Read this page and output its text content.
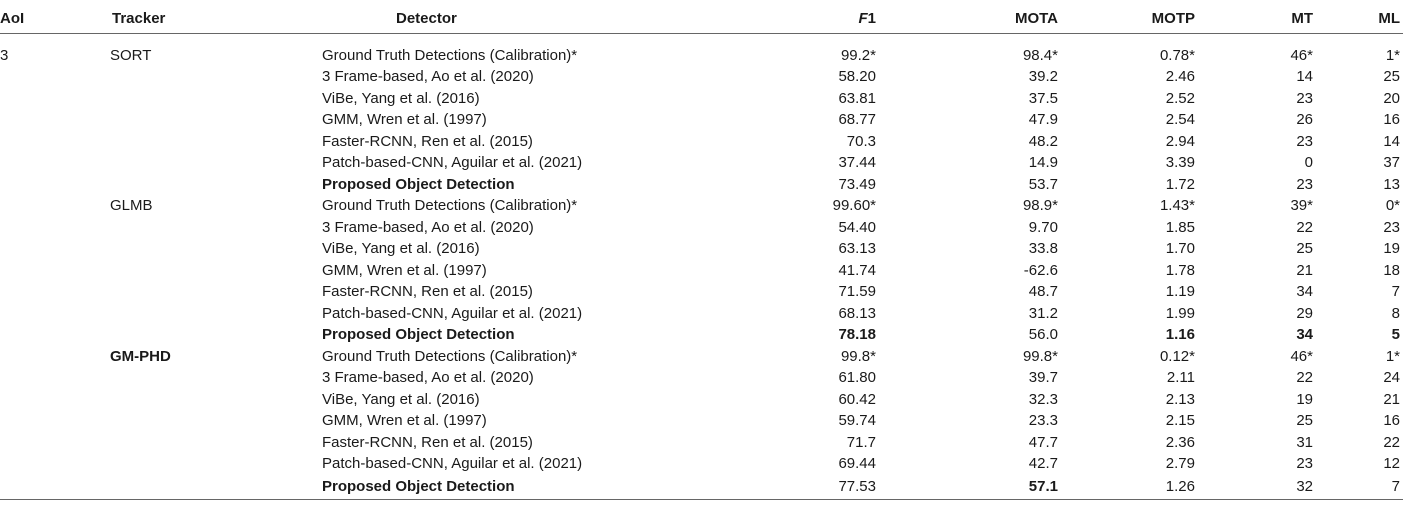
AoI	Tracker	Detector	F1	MOTA	MOTP	MT	ML
3	SORT	Ground Truth Detections (Calibration)*	99.2*	98.4*	0.78*	46*	1*
		3 Frame-based, Ao et al. (2020)	58.20	39.2	2.46	14	25
		ViBe, Yang et al. (2016)	63.81	37.5	2.52	23	20
		GMM, Wren et al. (1997)	68.77	47.9	2.54	26	16
		Faster-RCNN, Ren et al. (2015)	70.3	48.2	2.94	23	14
		Patch-based-CNN, Aguilar et al. (2021)	37.44	14.9	3.39	0	37
		Proposed Object Detection	73.49	53.7	1.72	23	13
	GLMB	Ground Truth Detections (Calibration)*	99.60*	98.9*	1.43*	39*	0*
		3 Frame-based, Ao et al. (2020)	54.40	9.70	1.85	22	23
		ViBe, Yang et al. (2016)	63.13	33.8	1.70	25	19
		GMM, Wren et al. (1997)	41.74	-62.6	1.78	21	18
		Faster-RCNN, Ren et al. (2015)	71.59	48.7	1.19	34	7
		Patch-based-CNN, Aguilar et al. (2021)	68.13	31.2	1.99	29	8
		Proposed Object Detection	78.18	56.0	1.16	34	5
	GM-PHD	Ground Truth Detections (Calibration)*	99.8*	99.8*	0.12*	46*	1*
		3 Frame-based, Ao et al. (2020)	61.80	39.7	2.11	22	24
		ViBe, Yang et al. (2016)	60.42	32.3	2.13	19	21
		GMM, Wren et al. (1997)	59.74	23.3	2.15	25	16
		Faster-RCNN, Ren et al. (2015)	71.7	47.7	2.36	31	22
		Patch-based-CNN, Aguilar et al. (2021)	69.44	42.7	2.79	23	12
		Proposed Object Detection	77.53	57.1	1.26	32	7
